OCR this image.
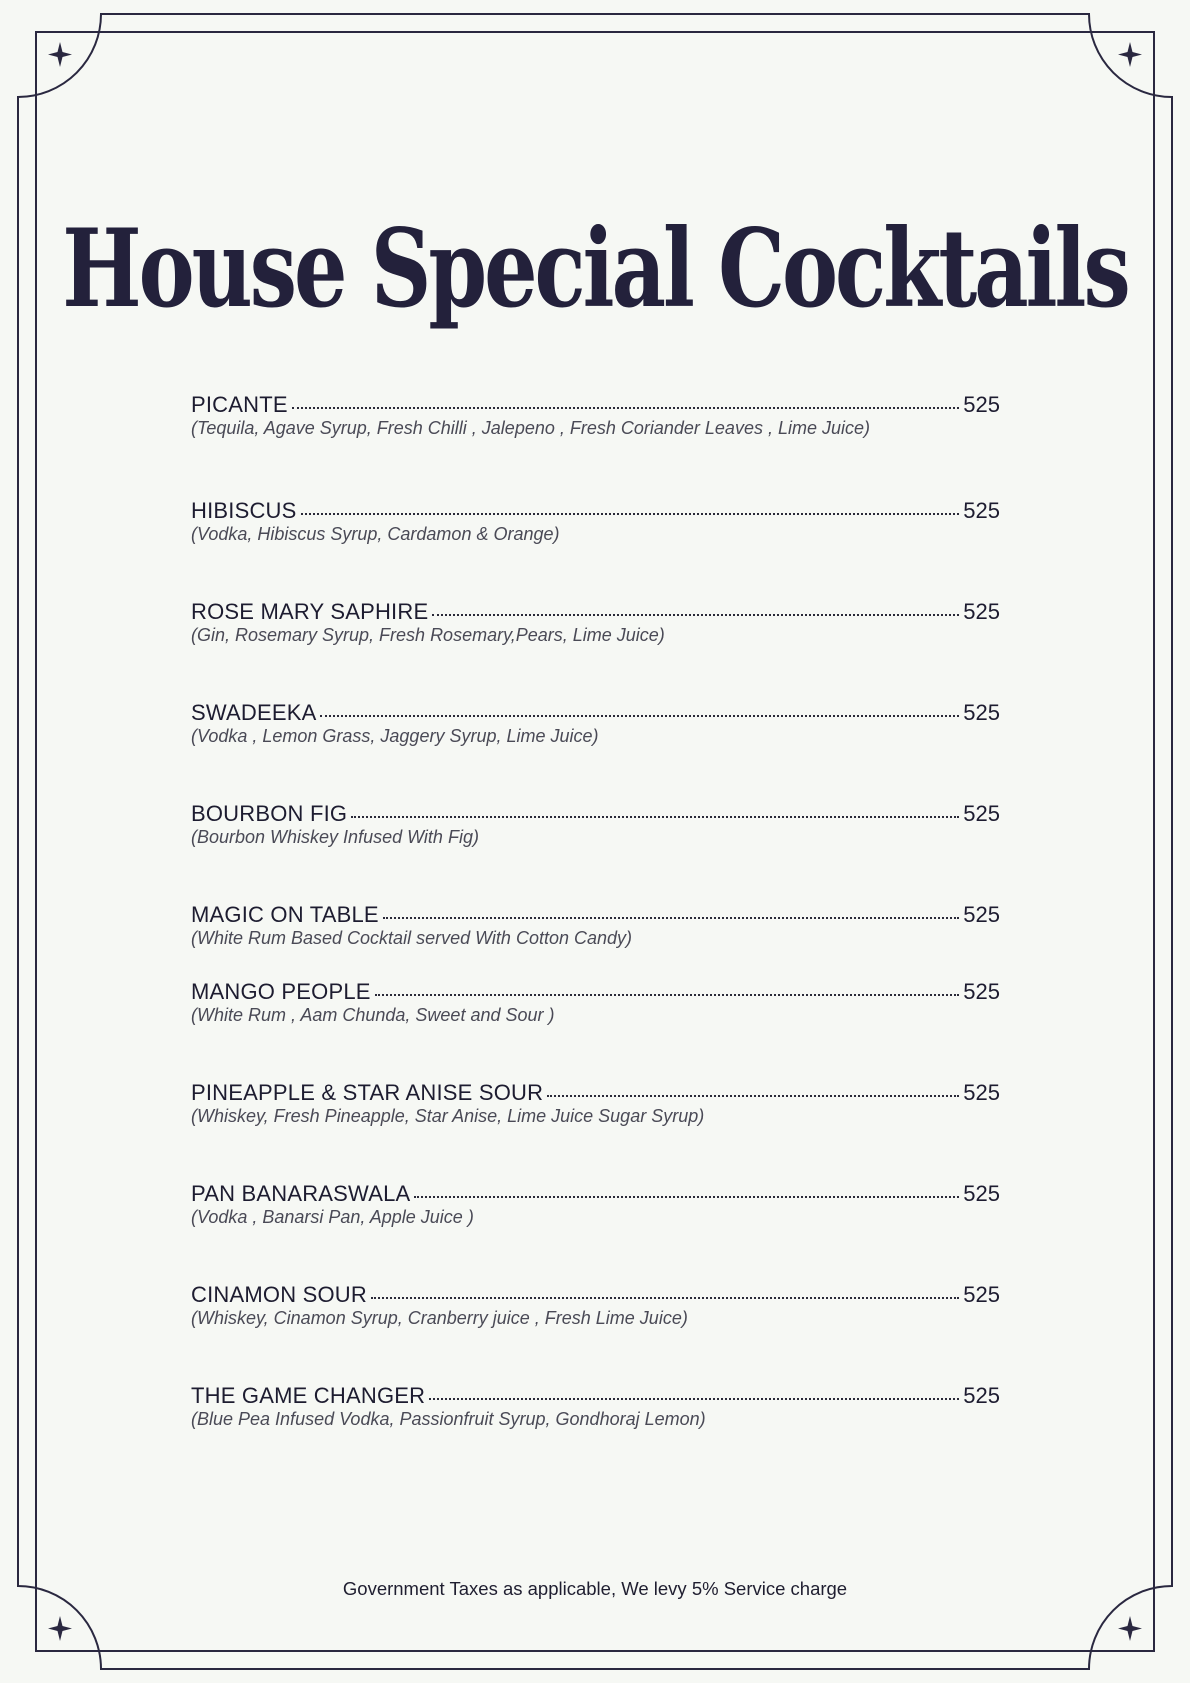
House Special Cocktails
PICANTE	525
(Tequila, Agave Syrup, Fresh Chilli , Jalepeno , Fresh Coriander Leaves , Lime Juice)
HIBISCUS	525
(Vodka, Hibiscus Syrup, Cardamon & Orange)
ROSE MARY SAPHIRE	525
(Gin, Rosemary Syrup, Fresh Rosemary,Pears, Lime Juice)
SWADEEKA	525
(Vodka , Lemon Grass, Jaggery Syrup, Lime Juice)
BOURBON FIG	525
(Bourbon Whiskey Infused With Fig)
MAGIC ON TABLE	525
(White Rum Based Cocktail served With Cotton Candy)
MANGO PEOPLE	525
(White Rum , Aam Chunda, Sweet and Sour )
PINEAPPLE & STAR ANISE SOUR	525
(Whiskey, Fresh Pineapple, Star Anise, Lime Juice Sugar Syrup)
PAN BANARASWALA	525
(Vodka , Banarsi Pan, Apple Juice )
CINAMON SOUR	525
(Whiskey, Cinamon Syrup, Cranberry juice , Fresh Lime Juice)
THE GAME CHANGER	525
(Blue Pea Infused Vodka, Passionfruit Syrup, Gondhoraj Lemon)
Government Taxes as applicable, We levy 5% Service charge
